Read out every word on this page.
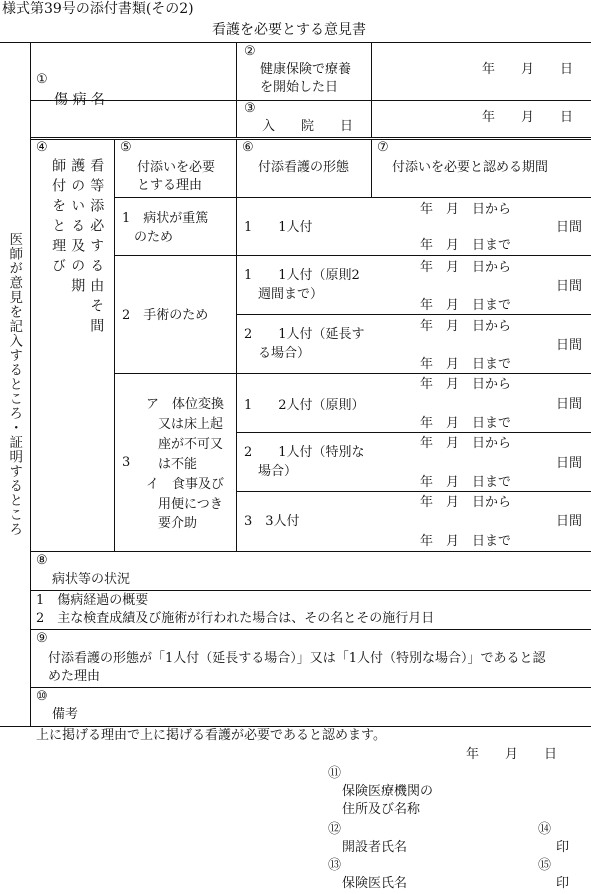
様式第39号の添付書類(その2)
看護を必要とする意見書
医師が意見を記入するところ・証明するところ
①
傷 病 名
②
健康保険で療養
を開始した日
年　　月　　日
③
入　　院　　日
年　　月　　日
④
看等添必する由そ間
護のいる及の期
師付をと理び
⑤
付添いを必要
とする理由
⑥
付添看護の形態
⑦
付添いを必要と認める期間
1　病状が重篤
のため
2　手術のため
3
ア　体位変換
又は床上起
座が不可又
は不能
イ　食事及び
用便につき
要介助
1　　1人付
1　　1人付（原則2
週間まで）
2　　1人付（延長す
る場合）
1　　2人付（原則）
2　　1人付（特別な
場合）
3　3人付
年　月　日から
日間
年　月　日まで
年　月　日から
日間
年　月　日まで
年　月　日から
日間
年　月　日まで
年　月　日から
日間
年　月　日まで
年　月　日から
日間
年　月　日まで
年　月　日から
日間
年　月　日まで
⑧
病状等の状況
1　傷病経過の概要
2　主な検査成績及び施術が行われた場合は、その名とその施行月日
⑨
付添看護の形態が「1人付（延長する場合）」又は「1人付（特別な場合）」であると認
めた理由
⑩
備考
上に掲げる理由で上に掲げる看護が必要であると認めます。
年　　月　　日
⑪
保険医療機関の
住所及び名称
⑫
開設者氏名
⑭
印
⑬
保険医氏名
⑮
印
